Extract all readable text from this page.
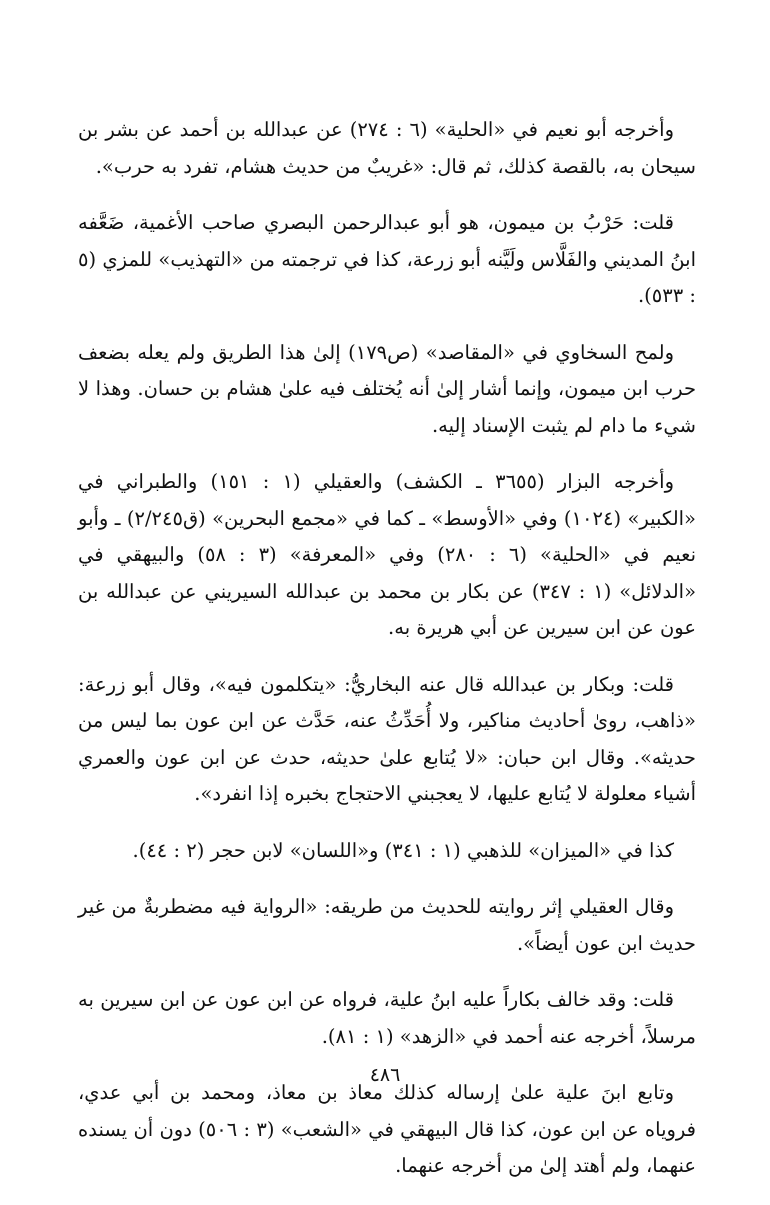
وأخرجه أبو نعيم في «الحلية» (٦ : ٢٧٤) عن عبدالله بن أحمد عن بشر بن سيحان به، بالقصة كذلك، ثم قال: «غريبٌ من حديث هشام، تفرد به حرب».

قلت: حَرْبُ بن ميمون، هو أبو عبدالرحمن البصري صاحب الأغمية، ضَعَّفه ابنُ المديني والفَلَّاس ولَيَّنه أبو زرعة، كذا في ترجمته من «التهذيب» للمزي (٥ : ٥٣٣).

ولمح السخاوي في «المقاصد» (ص١٧٩) إلىٰ هذا الطريق ولم يعله بضعف حرب ابن ميمون، وإنما أشار إلىٰ أنه يُختلف فيه علىٰ هشام بن حسان. وهذا لا شيء ما دام لم يثبت الإسناد إليه.

وأخرجه البزار (٣٦٥٥ ـ الكشف) والعقيلي (١ : ١٥١) والطبراني في «الكبير» (١٠٢٤) وفي «الأوسط» ـ كما في «مجمع البحرين» (ق٢/٢٤٥) ـ وأبو نعيم في «الحلية» (٦ : ٢٨٠) وفي «المعرفة» (٣ : ٥٨) والبيهقي في «الدلائل» (١ : ٣٤٧) عن بكار بن محمد بن عبدالله السيريني عن عبدالله بن عون عن ابن سيرين عن أبي هريرة به.

قلت: وبكار بن عبدالله قال عنه البخاريُّ: «يتكلمون فيه»، وقال أبو زرعة: «ذاهب، روىٰ أحاديث مناكير، ولا أُحَدِّثُ عنه، حَدَّث عن ابن عون بما ليس من حديثه». وقال ابن حبان: «لا يُتابع علىٰ حديثه، حدث عن ابن عون والعمري أشياء معلولة لا يُتابع عليها، لا يعجبني الاحتجاج بخبره إذا انفرد».

كذا في «الميزان» للذهبي (١ : ٣٤١) و«اللسان» لابن حجر (٢ : ٤٤).

وقال العقيلي إثر روايته للحديث من طريقه: «الرواية فيه مضطربةٌ من غير حديث ابن عون أيضاً».

قلت: وقد خالف بكاراً عليه ابنُ علية، فرواه عن ابن عون عن ابن سيرين به مرسلاً، أخرجه عنه أحمد في «الزهد» (١ : ٨١).

وتابع ابنَ علية علىٰ إرساله كذلك معاذ بن معاذ، ومحمد بن أبي عدي، فروياه عن ابن عون، كذا قال البيهقي في «الشعب» (٣ : ٥٠٦) دون أن يسنده عنهما، ولم أهتد إلىٰ من أخرجه عنهما.

٤٨٦
